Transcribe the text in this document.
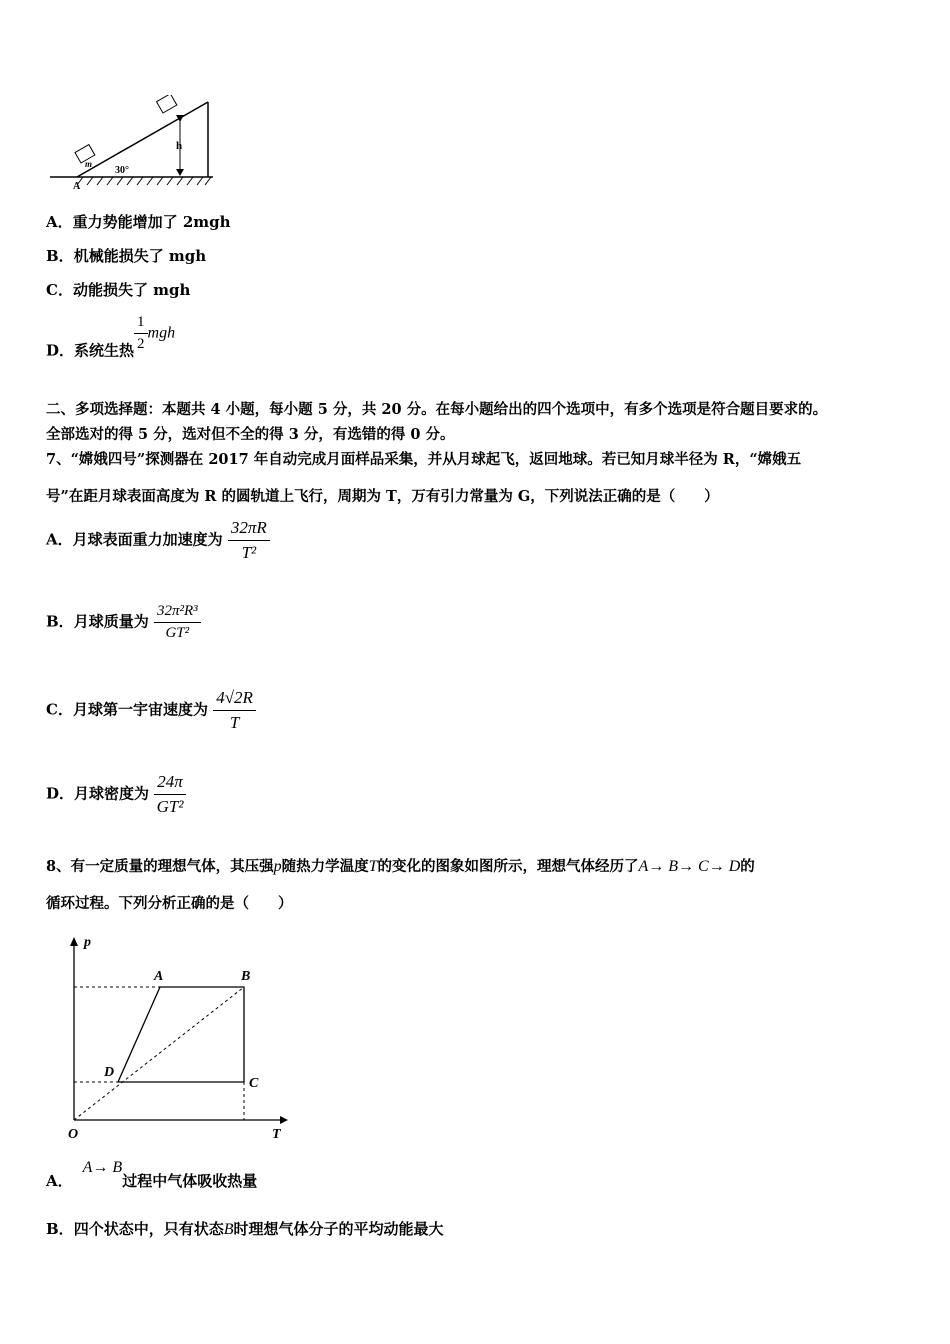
m
h
30°
A
A．重力势能增加了 2mgh
B．机械能损失了 mgh
C．动能损失了 mgh
D．系统生热 $\frac{1}{2}$ mgh
二、多项选择题：本题共 4 小题，每小题 5 分，共 20 分。在每小题给出的四个选项中，有多个选项是符合题目要求的。
全部选对的得 5 分，选对但不全的得 3 分，有选错的得 0 分。
7、“嫦娥四号”探测器在 2017 年自动完成月面样品采集，并从月球起飞，返回地球。若已知月球半径为 R，“嫦娥五
号”在距月球表面高度为 R 的圆轨道上飞行，周期为 T，万有引力常量为 G，下列说法正确的是（　　）
A．月球表面重力加速度为 $\frac{32\pi R}{\text{T²}}$
B．月球质量为 $\frac{\text{32π²R³}}{\text{GT²}}$
C．月球第一宇宙速度为 $\frac{4√2R}{T}$
D．月球密度为 $\frac{24\pi}{\text{GT²}}$
8、有一定质量的理想气体，其压强p随热力学温度T的变化的图象如图所示，理想气体经历了A→ B→ C→ D的
循环过程。下列分析正确的是（　　）
p
T
O
A	B
C
D
A．A→ B过程中气体吸收热量
B．四个状态中，只有状态B时理想气体分子的平均动能最大
